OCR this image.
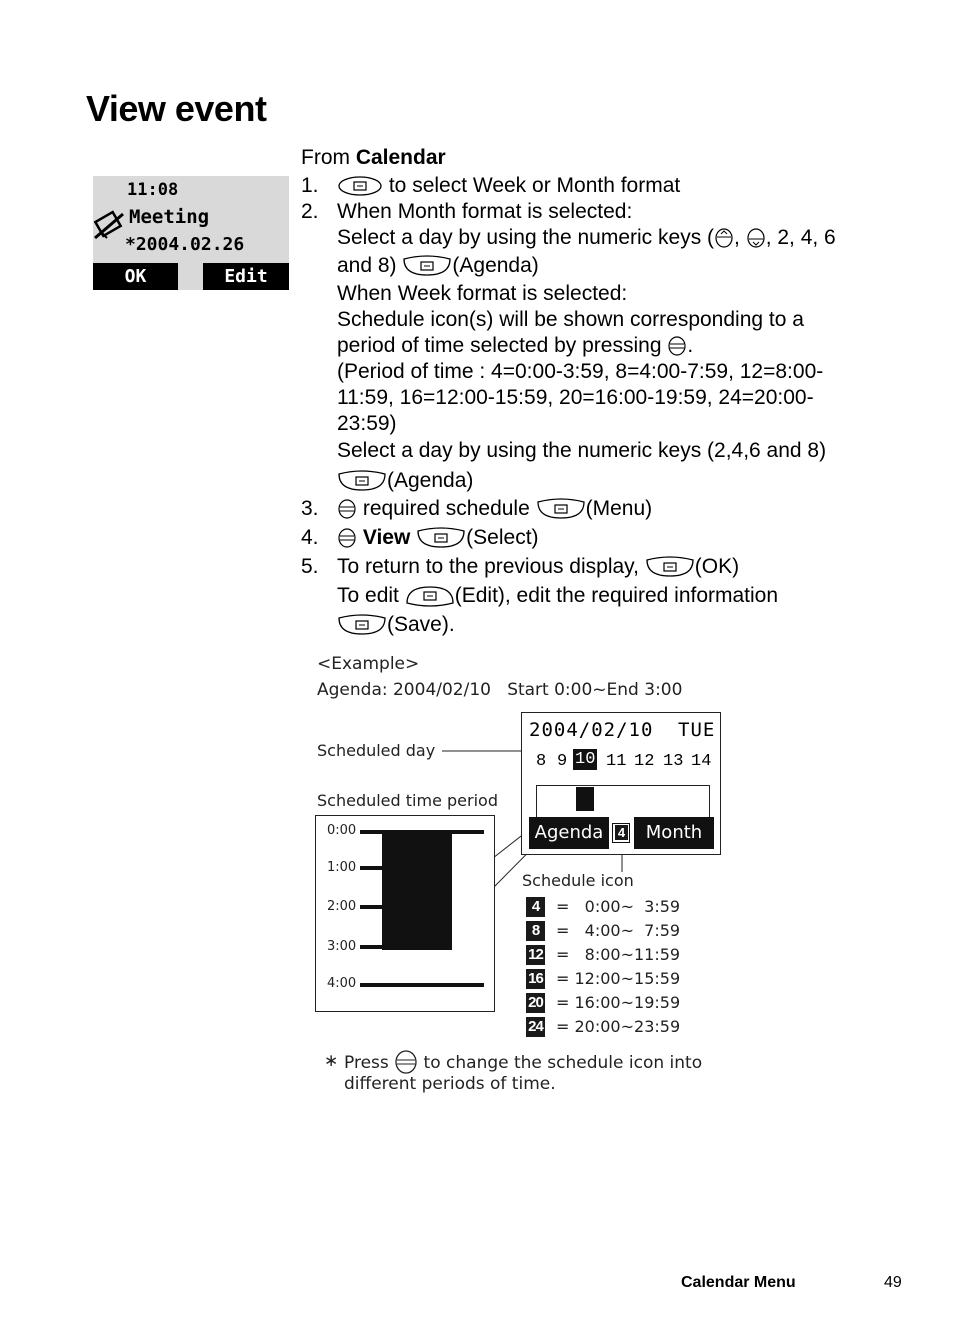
View event
11:08
Meeting
*2004.02.26
OK	Edit
From Calendar
1.	to select Week or Month format
2. When Month format is selected:
Select a day by using the numeric keys ( , , 2, 4, 6
and 8) (Agenda)
When Week format is selected:
Schedule icon(s) will be shown corresponding to a
period of time selected by pressing .
(Period of time : 4=0:00-3:59, 8=4:00-7:59, 12=8:00-
11:59, 16=12:00-15:59, 20=16:00-19:59, 24=20:00-
23:59)
Select a day by using the numeric keys (2,4,6 and 8)
(Agenda)
3.	required schedule (Menu)
4.	View	(Select)
5. To return to the previous display, (OK)
To edit (Edit), edit the required information
(Save).
<Example>
Agenda: 2004/02/10   Start 0:00~End 3:00
Scheduled day
Scheduled time period
2004/02/10 TUE
8 9 10 11 12 13 14
Agenda	4	Month
0:00
1:00
2:00
3:00
4:00
Schedule icon
4	=   0:00~  3:59
8	=   4:00~  7:59
12 =   8:00~11:59
16 = 12:00~15:59
20 = 16:00~19:59
24 = 20:00~23:59
∗ Press  to change the schedule icon into
different periods of time.
Calendar Menu	49
